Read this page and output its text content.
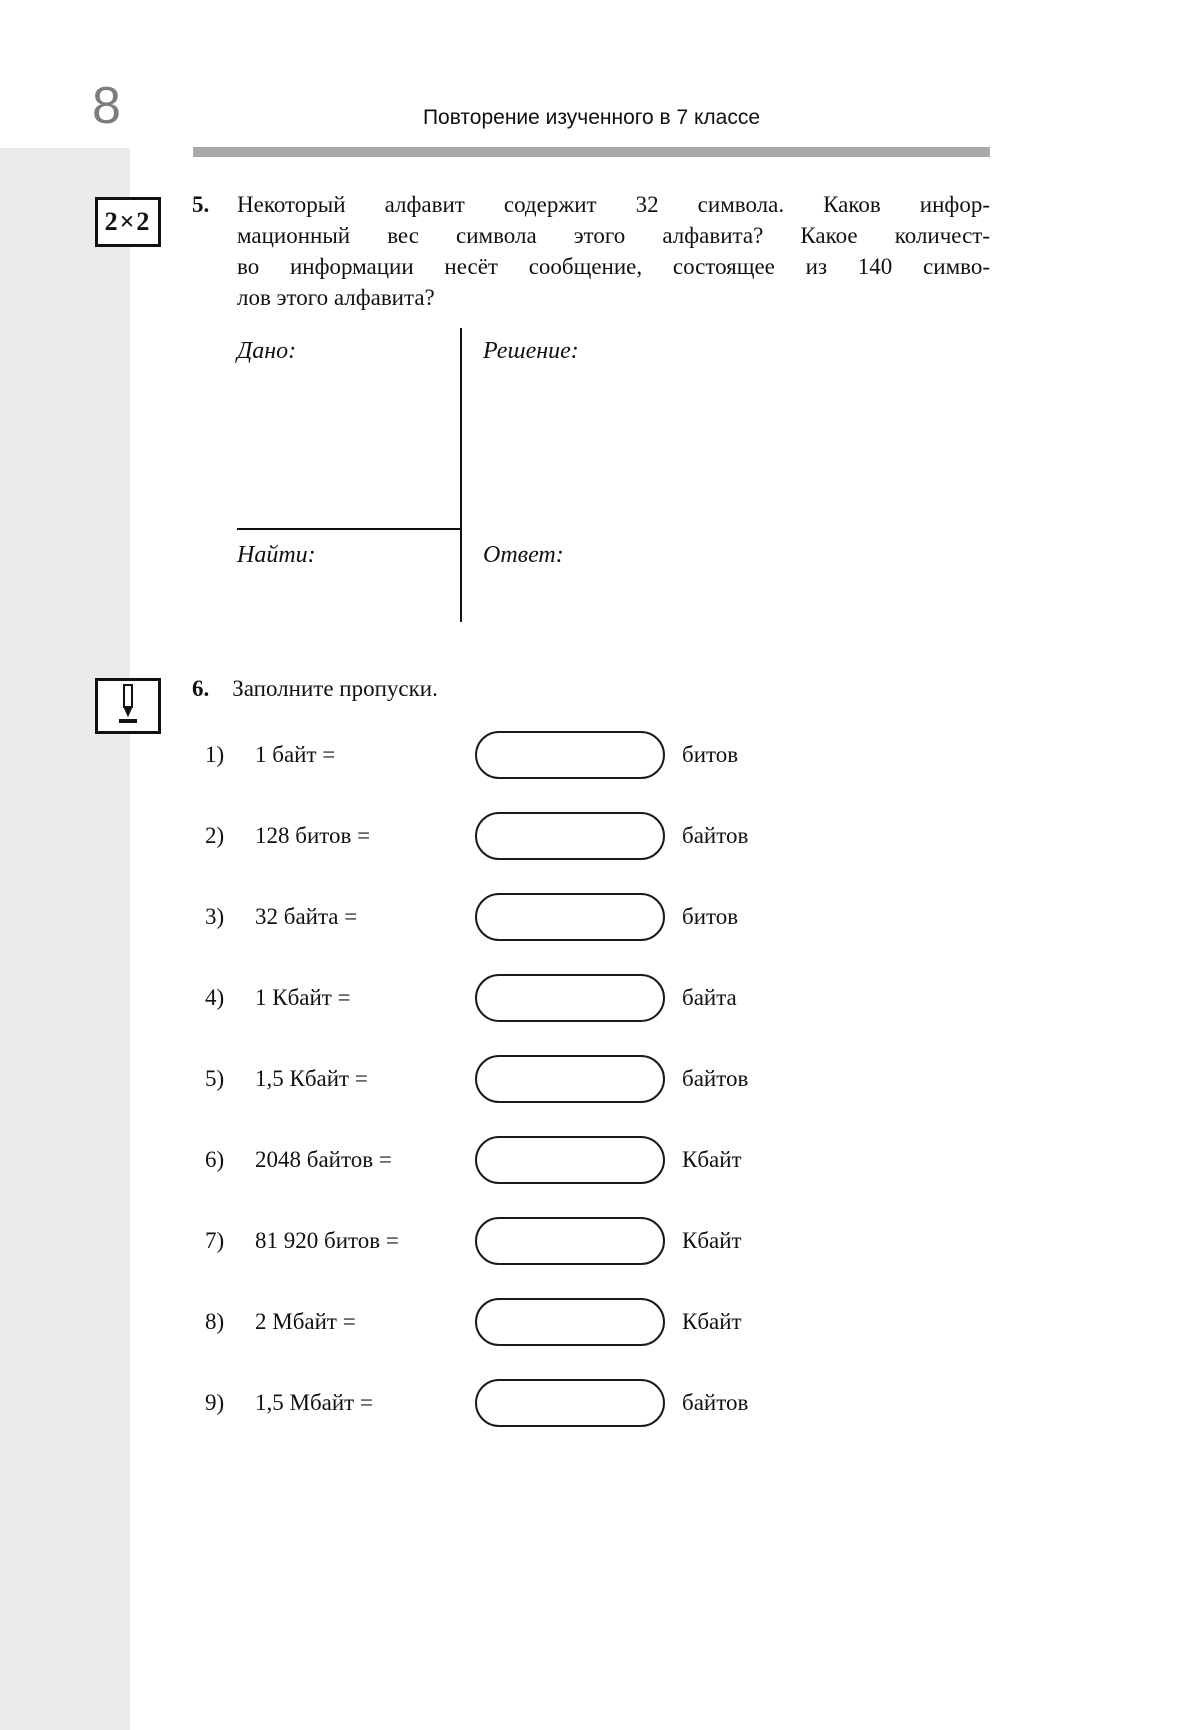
8	Повторение изученного в 7 классе
2×2
5. Некоторый алфавит содержит 32 символа. Каков инфор-
мационный вес символа этого алфавита? Какое количест-
во информации несёт сообщение, состоящее из 140 симво-
лов этого алфавита?
Дано:	Решение:
Найти:	Ответ:
6. Заполните пропуски.
1)	1 байт =	битов
2)	128 битов =	байтов
3)	32 байта =	битов
4)	1 Кбайт =	байта
5)	1,5 Кбайт =	байтов
6)	2048 байтов =	Кбайт
7)	81 920 битов =	Кбайт
8)	2 Мбайт =	Кбайт
9)	1,5 Мбайт =	байтов
